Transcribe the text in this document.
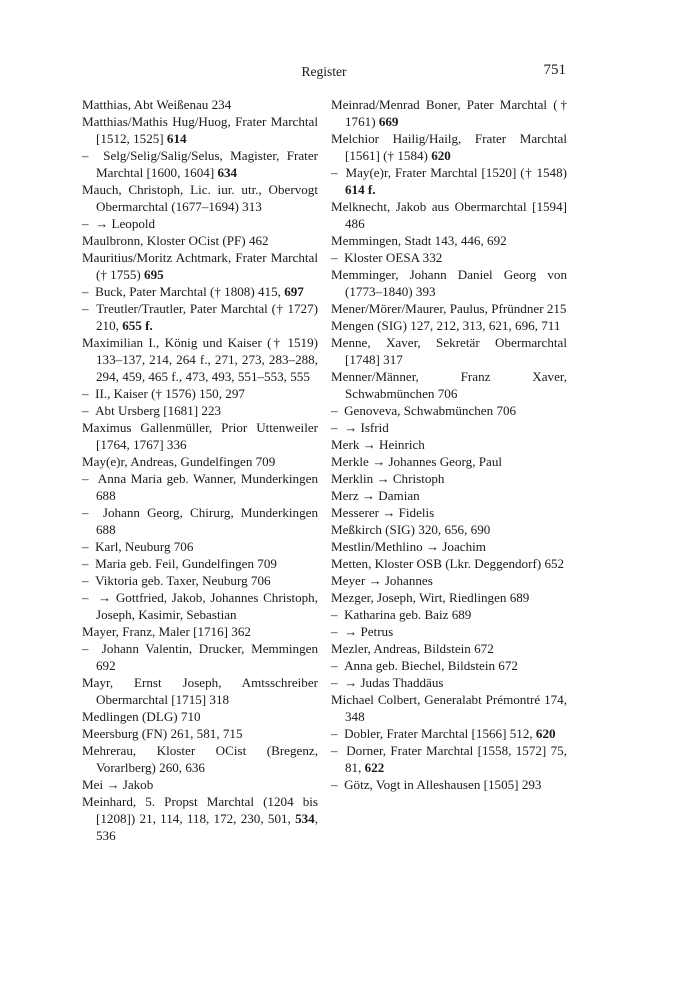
Register	751
Matthias, Abt Weißenau 234
Matthias/Mathis Hug/Huog, Frater Marchtal [1512, 1525] 614
–  Selg/Selig/Salig/Selus, Magister, Frater Marchtal [1600, 1604] 634
Mauch, Christoph, Lic. iur. utr., Obervogt Obermarchtal (1677–1694) 313
–  → Leopold
Maulbronn, Kloster OCist (PF) 462
Mauritius/Moritz Achtmark, Frater Marchtal († 1755) 695
–  Buck, Pater Marchtal († 1808) 415, 697
–  Treutler/Trautler, Pater Marchtal († 1727) 210, 655 f.
Maximilian I., König und Kaiser († 1519) 133–137, 214, 264 f., 271, 273, 283–288, 294, 459, 465 f., 473, 493, 551–553, 555
–  II., Kaiser († 1576) 150, 297
–  Abt Ursberg [1681] 223
Maximus Gallenmüller, Prior Uttenweiler [1764, 1767] 336
May(e)r, Andreas, Gundelfingen 709
–  Anna Maria geb. Wanner, Munderkingen 688
–  Johann Georg, Chirurg, Munderkingen 688
–  Karl, Neuburg 706
–  Maria geb. Feil, Gundelfingen 709
–  Viktoria geb. Taxer, Neuburg 706
–  → Gottfried, Jakob, Johannes Christoph, Joseph, Kasimir, Sebastian
Mayer, Franz, Maler [1716] 362
–  Johann Valentin, Drucker, Memmingen 692
Mayr, Ernst Joseph, Amtsschreiber Obermarchtal [1715] 318
Medlingen (DLG) 710
Meersburg (FN) 261, 581, 715
Mehrerau, Kloster OCist (Bregenz, Vorarlberg) 260, 636
Mei → Jakob
Meinhard, 5. Propst Marchtal (1204 bis [1208]) 21, 114, 118, 172, 230, 501, 534, 536
Meinrad/Menrad Boner, Pater Marchtal († 1761) 669
Melchior Hailig/Hailg, Frater Marchtal [1561] († 1584) 620
–  May(e)r, Frater Marchtal [1520] († 1548) 614 f.
Melknecht, Jakob aus Obermarchtal [1594] 486
Memmingen, Stadt 143, 446, 692
–  Kloster OESA 332
Memminger, Johann Daniel Georg von (1773–1840) 393
Mener/Mörer/Maurer, Paulus, Pfründner 215
Mengen (SIG) 127, 212, 313, 621, 696, 711
Menne, Xaver, Sekretär Obermarchtal [1748] 317
Menner/Männer, Franz Xaver, Schwabmünchen 706
–  Genoveva, Schwabmünchen 706
–  → Isfrid
Merk → Heinrich
Merkle → Johannes Georg, Paul
Merklin → Christoph
Merz → Damian
Messerer → Fidelis
Meßkirch (SIG) 320, 656, 690
Mestlin/Methlino → Joachim
Metten, Kloster OSB (Lkr. Deggendorf) 652
Meyer → Johannes
Mezger, Joseph, Wirt, Riedlingen 689
–  Katharina geb. Baiz 689
–  → Petrus
Mezler, Andreas, Bildstein 672
–  Anna geb. Biechel, Bildstein 672
–  → Judas Thaddäus
Michael Colbert, Generalabt Prémontré 174, 348
–  Dobler, Frater Marchtal [1566] 512, 620
–  Dorner, Frater Marchtal [1558, 1572] 75, 81, 622
–  Götz, Vogt in Alleshausen [1505] 293
